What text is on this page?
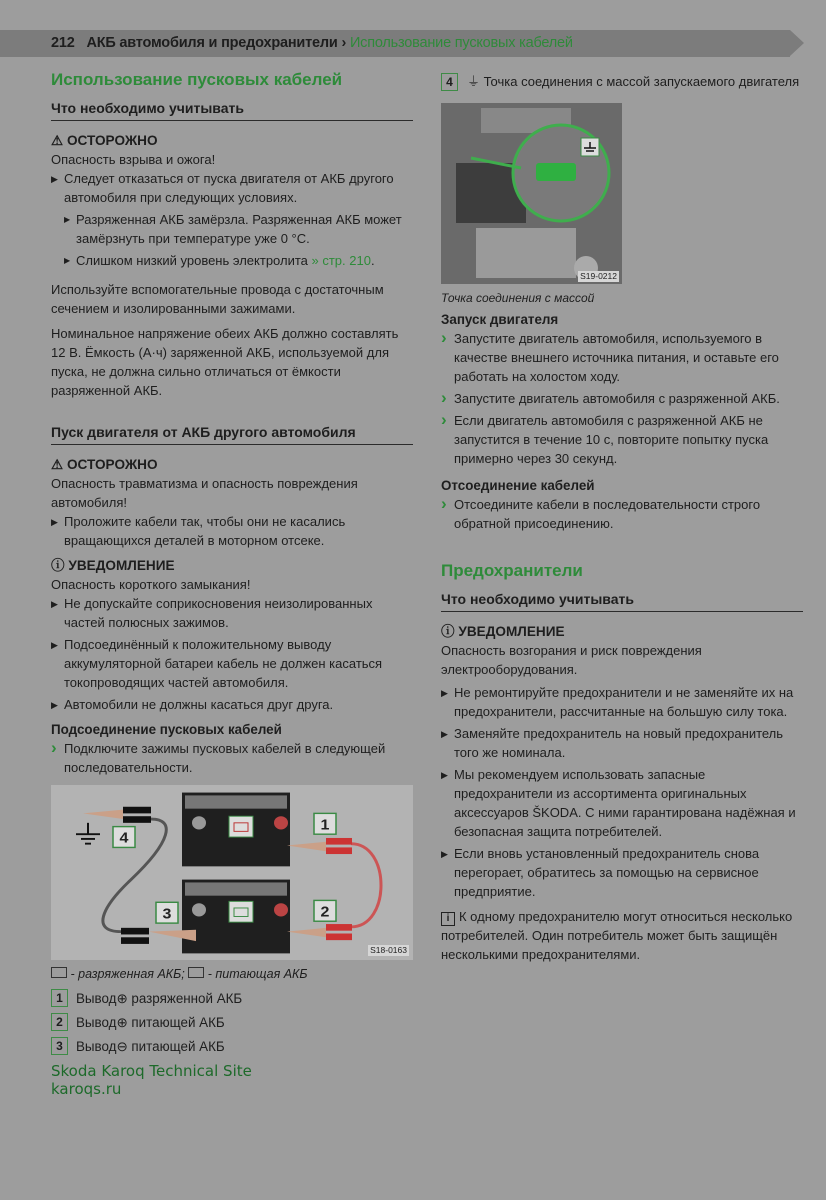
212 АКБ автомобиля и предохранители › Использование пусковых кабелей
Использование пусковых кабелей
Что необходимо учитывать
⚠ ОСТОРОЖНО
Опасность взрыва и ожога!
▶ Следует отказаться от пуска двигателя от АКБ другого автомобиля при следующих условиях.
▶ Разряженная АКБ замёрзла. Разряженная АКБ может замёрзнуть при температуре уже 0 °C.
▶ Слишком низкий уровень электролита » стр. 210.

Используйте вспомогательные провода с достаточным сечением и изолированными зажимами.

Номинальное напряжение обеих АКБ должно составлять 12 В. Ёмкость (А·ч) заряженной АКБ, используемой для пуска, не должна сильно отличаться от ёмкости разряженной АКБ.

Пуск двигателя от АКБ другого автомобиля
⚠ ОСТОРОЖНО
Опасность травматизма и опасность повреждения автомобиля!
▶ Проложите кабели так, чтобы они не касались вращающихся деталей в моторном отсеке.
ⓘ УВЕДОМЛЕНИЕ
Опасность короткого замыкания!
▶ Не допускайте соприкосновения неизолированных частей полюсных зажимов.
▶ Подсоединённый к положительному выводу аккумуляторной батареи кабель не должен касаться токопроводящих частей автомобиля.
▶ Автомобили не должны касаться друг друга.
Подсоединение пусковых кабелей
› Подключите зажимы пусковых кабелей в следующей последовательности.
1
2
3
4
S18-0163
- разряженная АКБ; - питающая АКБ
1 Вывод⊕ разряженной АКБ
2 Вывод⊕ питающей АКБ
3 Вывод⊖ питающей АКБ
Skoda Karoq Technical Site
karoqs.ru
4	⏚ Точка соединения с массой запускаемого двигателя
S19-0212
Точка соединения с массой
Запуск двигателя
› Запустите двигатель автомобиля, используемого в качестве внешнего источника питания, и оставьте его работать на холостом ходу.
› Запустите двигатель автомобиля с разряженной АКБ.
› Если двигатель автомобиля с разряженной АКБ не запустится в течение 10 с, повторите попытку пуска примерно через 30 секунд.
Отсоединение кабелей
› Отсоедините кабели в последовательности строго обратной присоединению.
Предохранители
Что необходимо учитывать
ⓘ УВЕДОМЛЕНИЕ
Опасность возгорания и риск повреждения электрооборудования.
▶ Не ремонтируйте предохранители и не заменяйте их на предохранители, рассчитанные на большую силу тока.
▶ Заменяйте предохранитель на новый предохранитель того же номинала.
▶ Мы рекомендуем использовать запасные предохранители из ассортимента оригинальных аксессуаров ŠKODA. С ними гарантирована надёжная и безопасная защита потребителей.
▶ Если вновь установленный предохранитель снова перегорает, обратитесь за помощью на сервисное предприятие.
i К одному предохранителю могут относиться несколько потребителей. Один потребитель может быть защищён несколькими предохранителями.
